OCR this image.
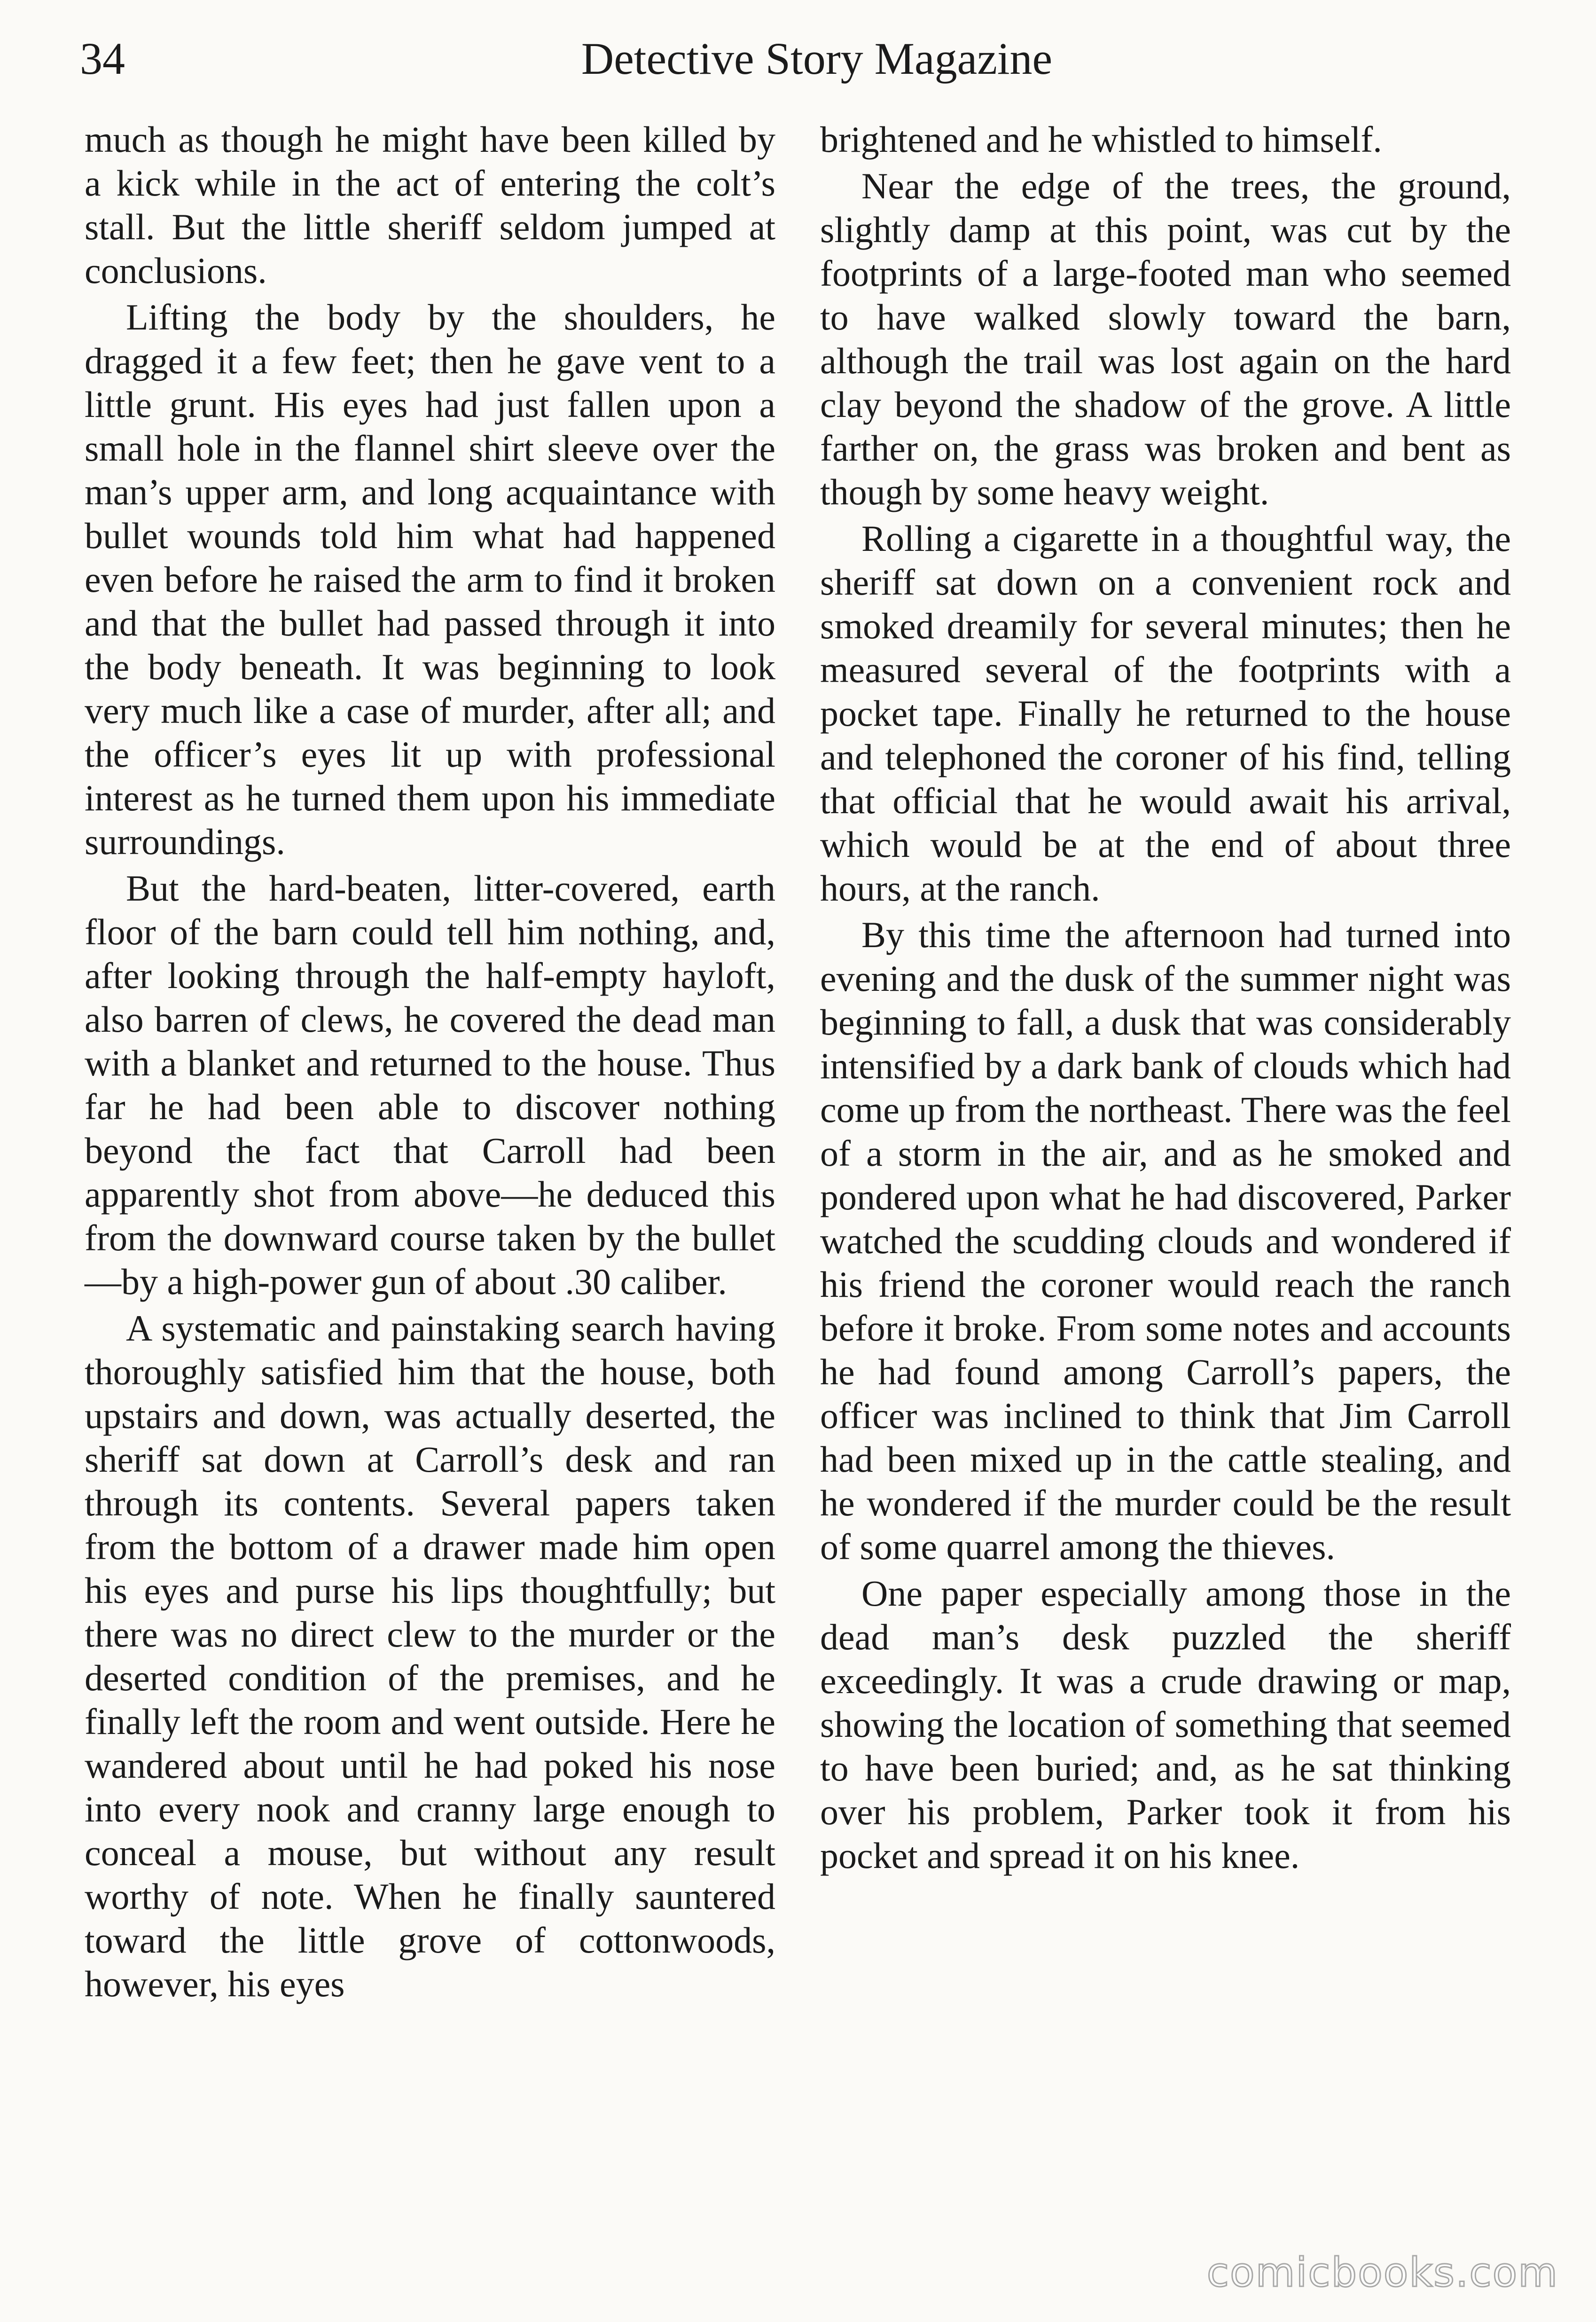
34	Detective Story Magazine

much as though he might have been killed by a kick while in the act of entering the colt’s stall. But the little sheriff seldom jumped at conclusions.

Lifting the body by the shoulders, he dragged it a few feet; then he gave vent to a little grunt. His eyes had just fallen upon a small hole in the flannel shirt sleeve over the man’s upper arm, and long acquaintance with bullet wounds told him what had happened even before he raised the arm to find it broken and that the bullet had passed through it into the body beneath. It was beginning to look very much like a case of murder, after all; and the officer’s eyes lit up with professional interest as he turned them upon his immediate surroundings.

But the hard-beaten, litter-covered, earth floor of the barn could tell him nothing, and, after looking through the half-empty hayloft, also barren of clews, he covered the dead man with a blanket and returned to the house. Thus far he had been able to discover nothing beyond the fact that Carroll had been apparently shot from above—he deduced this from the downward course taken by the bullet—by a high-power gun of about .30 caliber.

A systematic and painstaking search having thoroughly satisfied him that the house, both upstairs and down, was actually deserted, the sheriff sat down at Carroll’s desk and ran through its contents. Several papers taken from the bottom of a drawer made him open his eyes and purse his lips thoughtfully; but there was no direct clew to the murder or the deserted condition of the premises, and he finally left the room and went outside. Here he wandered about until he had poked his nose into every nook and cranny large enough to conceal a mouse, but without any result worthy of note. When he finally sauntered toward the little grove of cottonwoods, however, his eyes

brightened and he whistled to himself.

Near the edge of the trees, the ground, slightly damp at this point, was cut by the footprints of a large-footed man who seemed to have walked slowly toward the barn, although the trail was lost again on the hard clay beyond the shadow of the grove. A little farther on, the grass was broken and bent as though by some heavy weight.

Rolling a cigarette in a thoughtful way, the sheriff sat down on a convenient rock and smoked dreamily for several minutes; then he measured several of the footprints with a pocket tape. Finally he returned to the house and telephoned the coroner of his find, telling that official that he would await his arrival, which would be at the end of about three hours, at the ranch.

By this time the afternoon had turned into evening and the dusk of the summer night was beginning to fall, a dusk that was considerably intensified by a dark bank of clouds which had come up from the northeast. There was the feel of a storm in the air, and as he smoked and pondered upon what he had discovered, Parker watched the scudding clouds and wondered if his friend the coroner would reach the ranch before it broke. From some notes and accounts he had found among Carroll’s papers, the officer was inclined to think that Jim Carroll had been mixed up in the cattle stealing, and he wondered if the murder could be the result of some quarrel among the thieves.

One paper especially among those in the dead man’s desk puzzled the sheriff exceedingly. It was a crude drawing or map, showing the location of something that seemed to have been buried; and, as he sat thinking over his problem, Parker took it from his pocket and spread it on his knee.

comicbooks.com
